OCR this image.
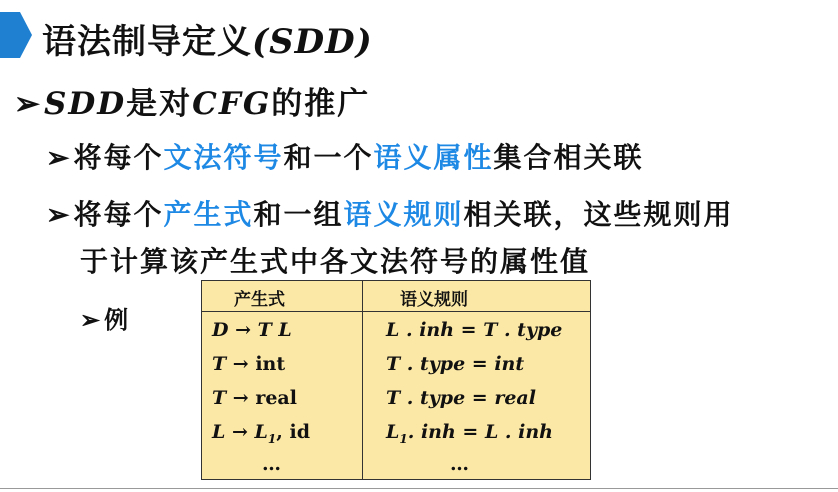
语法制导定义(SDD)
➢SDD是对CFG的推广
➢将每个文法符号和一个语义属性集合相关联
➢将每个产生式和一组语义规则相关联，这些规则用
于计算该产生式中各文法符号的属性值
➢例
产生式	语义规则
D → T L	L . inh = T . type
T → int	T . type = int
T → real	T . type = real
$L \to L_1$, id	$L_1$. inh = L . inh
…	…
